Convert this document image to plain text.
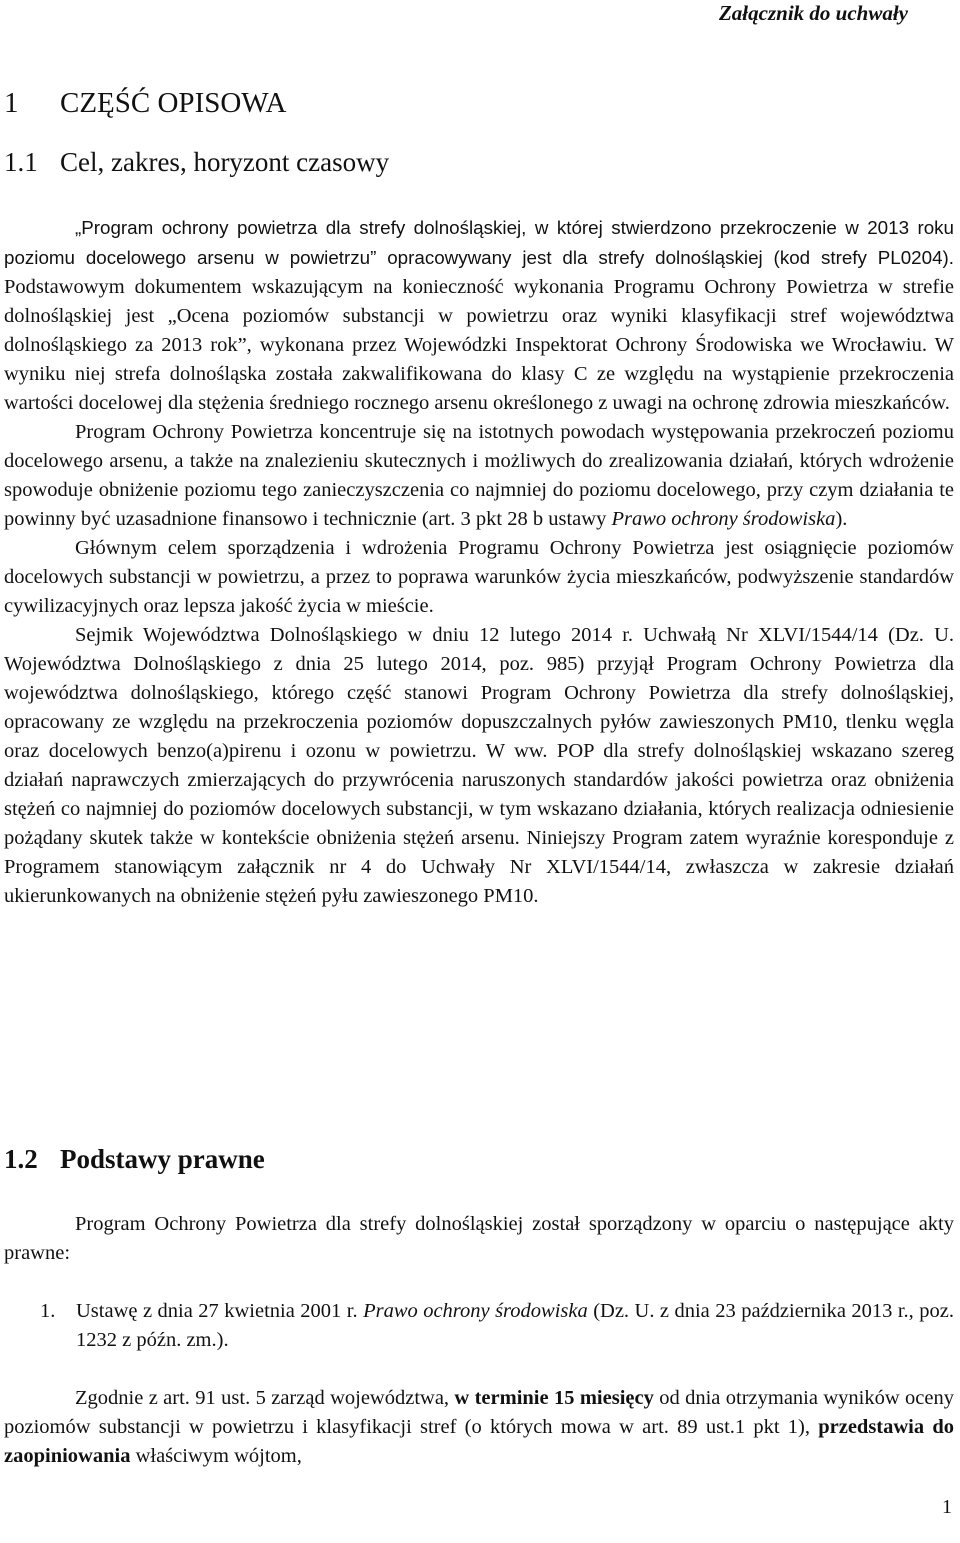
Załącznik do uchwały
1 CZĘŚĆ OPISOWA
1.1 Cel, zakres, horyzont czasowy

„Program ochrony powietrza dla strefy dolnośląskiej, w której stwierdzono przekroczenie w 2013 roku poziomu docelowego arsenu w powietrzu” opracowywany jest dla strefy dolnośląskiej (kod strefy PL0204). Podstawowym dokumentem wskazującym na konieczność wykonania Programu Ochrony Powietrza w strefie dolnośląskiej jest „Ocena poziomów substancji w powietrzu oraz wyniki klasyfikacji stref województwa dolnośląskiego za 2013 rok”, wykonana przez Wojewódzki Inspektorat Ochrony Środowiska we Wrocławiu. W wyniku niej strefa dolnośląska została zakwalifikowana do klasy C ze względu na wystąpienie przekroczenia wartości docelowej dla stężenia średniego rocznego arsenu określonego z uwagi na ochronę zdrowia mieszkańców.

Program Ochrony Powietrza koncentruje się na istotnych powodach występowania przekroczeń poziomu docelowego arsenu, a także na znalezieniu skutecznych i możliwych do zrealizowania działań, których wdrożenie spowoduje obniżenie poziomu tego zanieczyszczenia co najmniej do poziomu docelowego, przy czym działania te powinny być uzasadnione finansowo i technicznie (art. 3 pkt 28 b ustawy Prawo ochrony środowiska).

Głównym celem sporządzenia i wdrożenia Programu Ochrony Powietrza jest osiągnięcie poziomów docelowych substancji w powietrzu, a przez to poprawa warunków życia mieszkańców, podwyższenie standardów cywilizacyjnych oraz lepsza jakość życia w mieście.

Sejmik Województwa Dolnośląskiego w dniu 12 lutego 2014 r. Uchwałą Nr XLVI/1544/14 (Dz. U. Województwa Dolnośląskiego z dnia 25 lutego 2014, poz. 985) przyjął Program Ochrony Powietrza dla województwa dolnośląskiego, którego część stanowi Program Ochrony Powietrza dla strefy dolnośląskiej, opracowany ze względu na przekroczenia poziomów dopuszczalnych pyłów zawieszonych PM10, tlenku węgla oraz docelowych benzo(a)pirenu i ozonu w powietrzu. W ww. POP dla strefy dolnośląskiej wskazano szereg działań naprawczych zmierzających do przywrócenia naruszonych standardów jakości powietrza oraz obniżenia stężeń co najmniej do poziomów docelowych substancji, w tym wskazano działania, których realizacja odniesienie pożądany skutek także w kontekście obniżenia stężeń arsenu. Niniejszy Program zatem wyraźnie koresponduje z Programem stanowiącym załącznik nr 4 do Uchwały Nr XLVI/1544/14, zwłaszcza w zakresie działań ukierunkowanych na obniżenie stężeń pyłu zawieszonego PM10.

1.2 Podstawy prawne

Program Ochrony Powietrza dla strefy dolnośląskiej został sporządzony w oparciu o następujące akty prawne:

1. Ustawę z dnia 27 kwietnia 2001 r. Prawo ochrony środowiska (Dz. U. z dnia 23 października 2013 r., poz. 1232 z późn. zm.).

Zgodnie z art. 91 ust. 5 zarząd województwa, w terminie 15 miesięcy od dnia otrzymania wyników oceny poziomów substancji w powietrzu i klasyfikacji stref (o których mowa w art. 89 ust.1 pkt 1), przedstawia do zaopiniowania właściwym wójtom,

1
